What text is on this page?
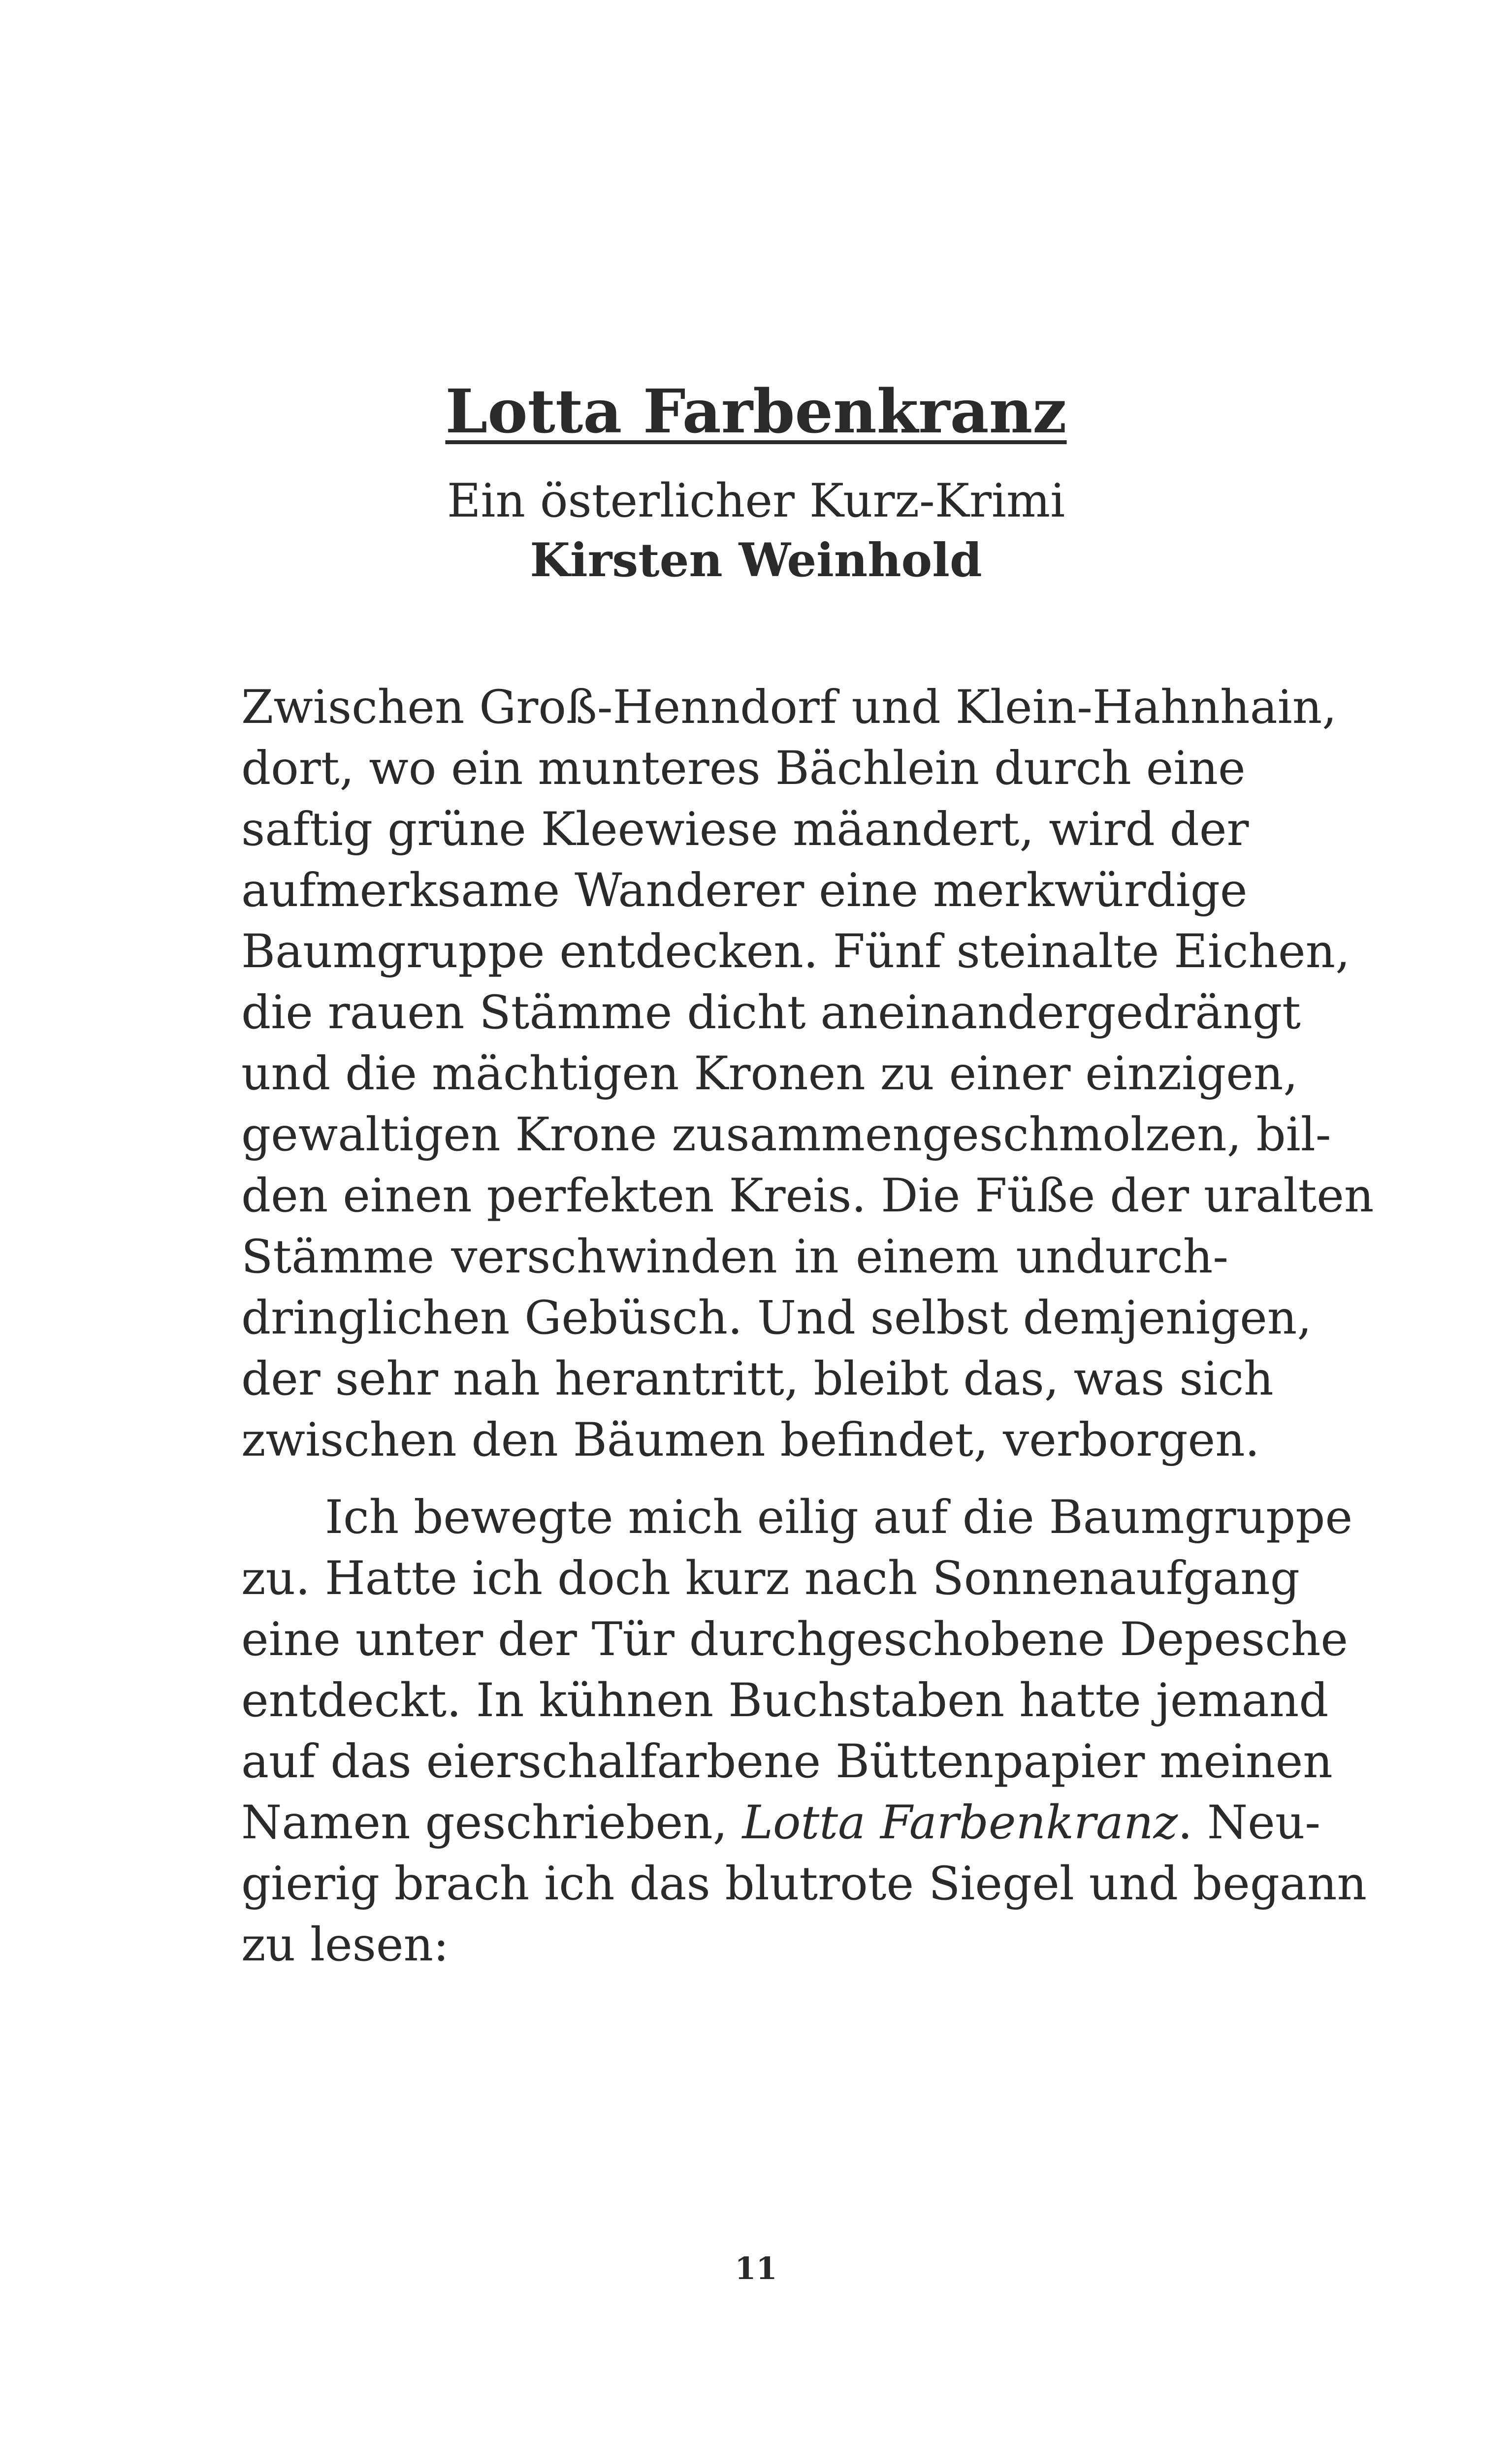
Lotta Farbenkranz
Ein österlicher Kurz-Krimi
Kirsten Weinhold
Zwischen Groß-Henndorf und Klein-Hahnhain,
dort, wo ein munteres Bächlein durch eine
saftig grüne Kleewiese mäandert, wird der
aufmerksame Wanderer eine merkwürdige
Baumgruppe entdecken. Fünf steinalte Eichen,
die rauen Stämme dicht aneinandergedrängt
und die mächtigen Kronen zu einer einzigen,
gewaltigen Krone zusammengeschmolzen, bil-
den einen perfekten Kreis. Die Füße der uralten
Stämme verschwinden in einem undurch-
dringlichen Gebüsch. Und selbst demjenigen,
der sehr nah herantritt, bleibt das, was sich
zwischen den Bäumen befindet, verborgen.
Ich bewegte mich eilig auf die Baumgruppe
zu. Hatte ich doch kurz nach Sonnenaufgang
eine unter der Tür durchgeschobene Depesche
entdeckt. In kühnen Buchstaben hatte jemand
auf das eierschalfarbene Büttenpapier meinen
Namen geschrieben, Lotta Farbenkranz. Neu-
gierig brach ich das blutrote Siegel und begann
zu lesen:
11
